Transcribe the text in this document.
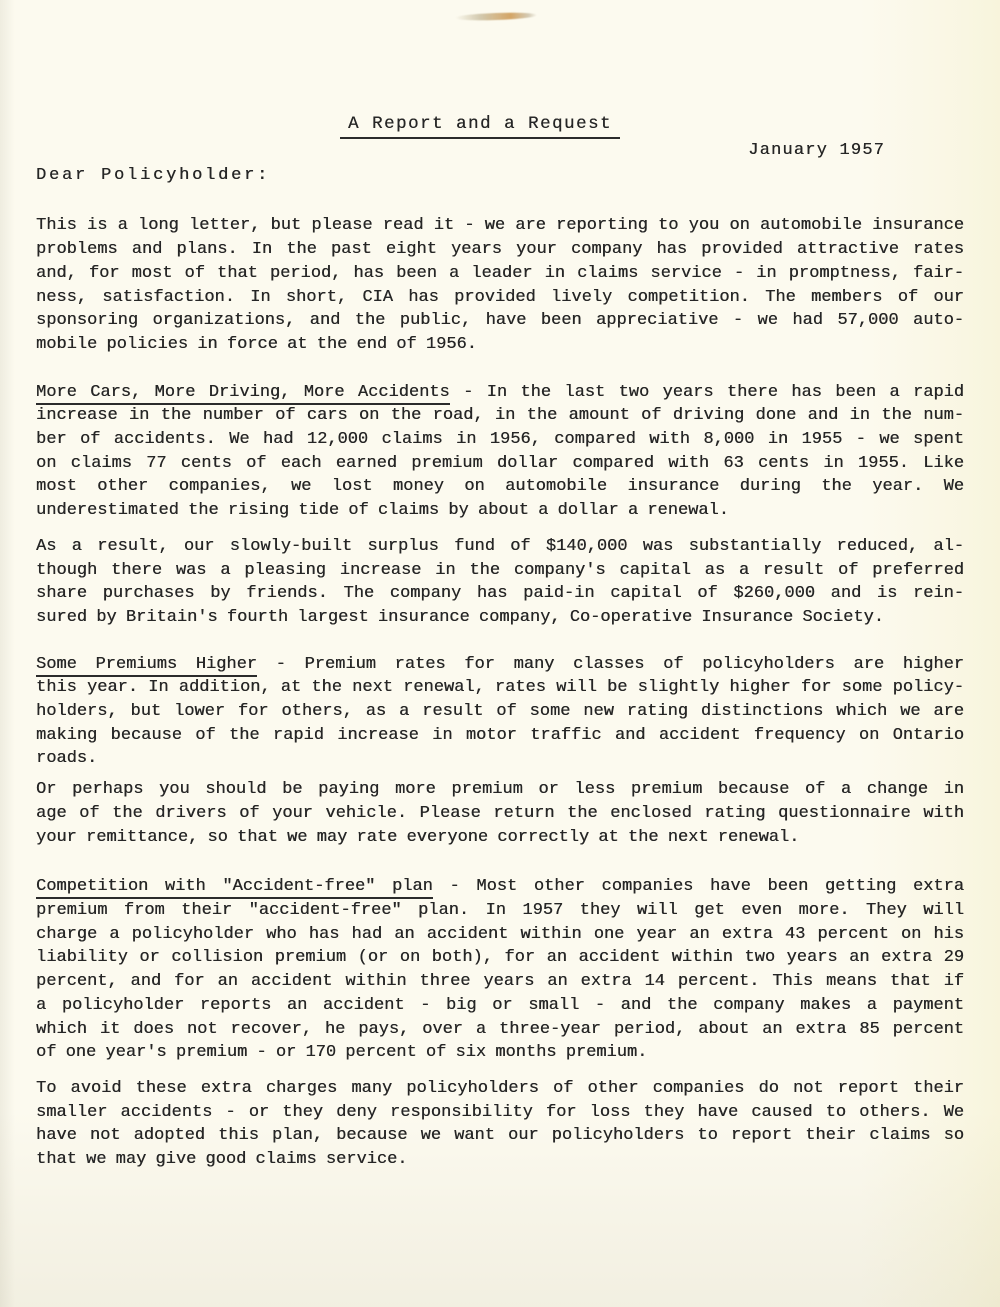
A Report and a Request
January 1957
Dear Policyholder:
This is a long letter, but please read it - we are reporting to you on automobile insurance
problems and plans. In the past eight years your company has provided attractive rates
and, for most of that period, has been a leader in claims service - in promptness, fair-
ness, satisfaction. In short, CIA has provided lively competition. The members of our
sponsoring organizations, and the public, have been appreciative - we had 57,000 auto-
mobile policies in force at the end of 1956.
More Cars, More Driving, More Accidents - In the last two years there has been a rapid
increase in the number of cars on the road, in the amount of driving done and in the num-
ber of accidents. We had 12,000 claims in 1956, compared with 8,000 in 1955 - we spent
on claims 77 cents of each earned premium dollar compared with 63 cents in 1955. Like
most other companies, we lost money on automobile insurance during the year. We
underestimated the rising tide of claims by about a dollar a renewal.
As a result, our slowly-built surplus fund of $140,000 was substantially reduced, al-
though there was a pleasing increase in the company's capital as a result of preferred
share purchases by friends. The company has paid-in capital of $260,000 and is rein-
sured by Britain's fourth largest insurance company, Co-operative Insurance Society.
Some Premiums Higher - Premium rates for many classes of policyholders are higher
this year. In addition, at the next renewal, rates will be slightly higher for some policy-
holders, but lower for others, as a result of some new rating distinctions which we are
making because of the rapid increase in motor traffic and accident frequency on Ontario
roads.
Or perhaps you should be paying more premium or less premium because of a change in
age of the drivers of your vehicle. Please return the enclosed rating questionnaire with
your remittance, so that we may rate everyone correctly at the next renewal.
Competition with "Accident-free" plan - Most other companies have been getting extra
premium from their "accident-free" plan. In 1957 they will get even more. They will
charge a policyholder who has had an accident within one year an extra 43 percent on his
liability or collision premium (or on both), for an accident within two years an extra 29
percent, and for an accident within three years an extra 14 percent. This means that if
a policyholder reports an accident - big or small - and the company makes a payment
which it does not recover, he pays, over a three-year period, about an extra 85 percent
of one year's premium - or 170 percent of six months premium.
To avoid these extra charges many policyholders of other companies do not report their
smaller accidents - or they deny responsibility for loss they have caused to others. We
have not adopted this plan, because we want our policyholders to report their claims so
that we may give good claims service.
